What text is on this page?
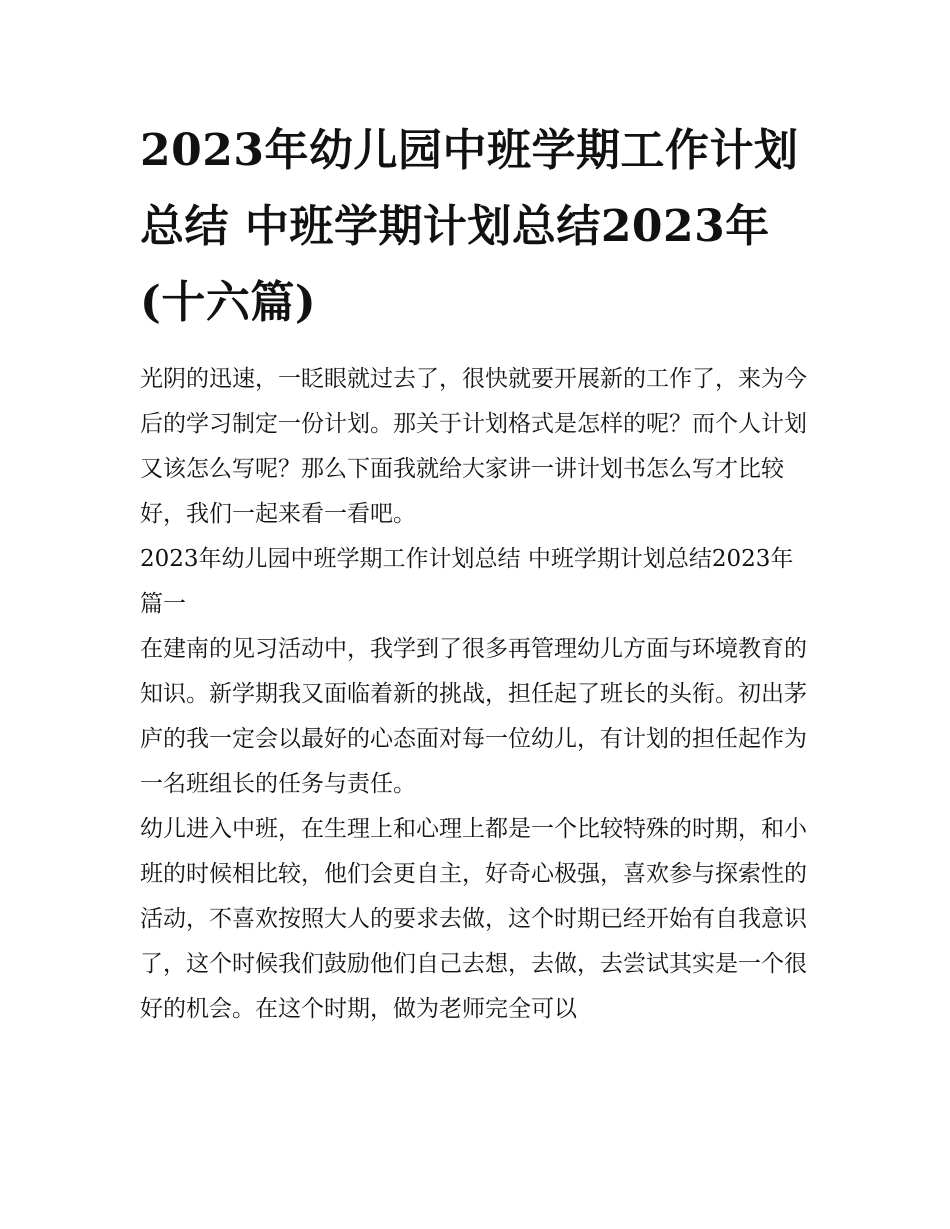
2023年幼儿园中班学期工作计划总结 中班学期计划总结2023年(十六篇)

光阴的迅速，一眨眼就过去了，很快就要开展新的工作了，来为今后的学习制定一份计划。那关于计划格式是怎样的呢？而个人计划又该怎么写呢？那么下面我就给大家讲一讲计划书怎么写才比较好，我们一起来看一看吧。

2023年幼儿园中班学期工作计划总结 中班学期计划总结2023年篇一

在建南的见习活动中，我学到了很多再管理幼儿方面与环境教育的知识。新学期我又面临着新的挑战，担任起了班长的头衔。初出茅庐的我一定会以最好的心态面对每一位幼儿，有计划的担任起作为一名班组长的任务与责任。

幼儿进入中班，在生理上和心理上都是一个比较特殊的时期，和小班的时候相比较，他们会更自主，好奇心极强，喜欢参与探索性的活动，不喜欢按照大人的要求去做，这个时期已经开始有自我意识了，这个时候我们鼓励他们自己去想，去做，去尝试其实是一个很好的机会。在这个时期，做为老师完全可以
